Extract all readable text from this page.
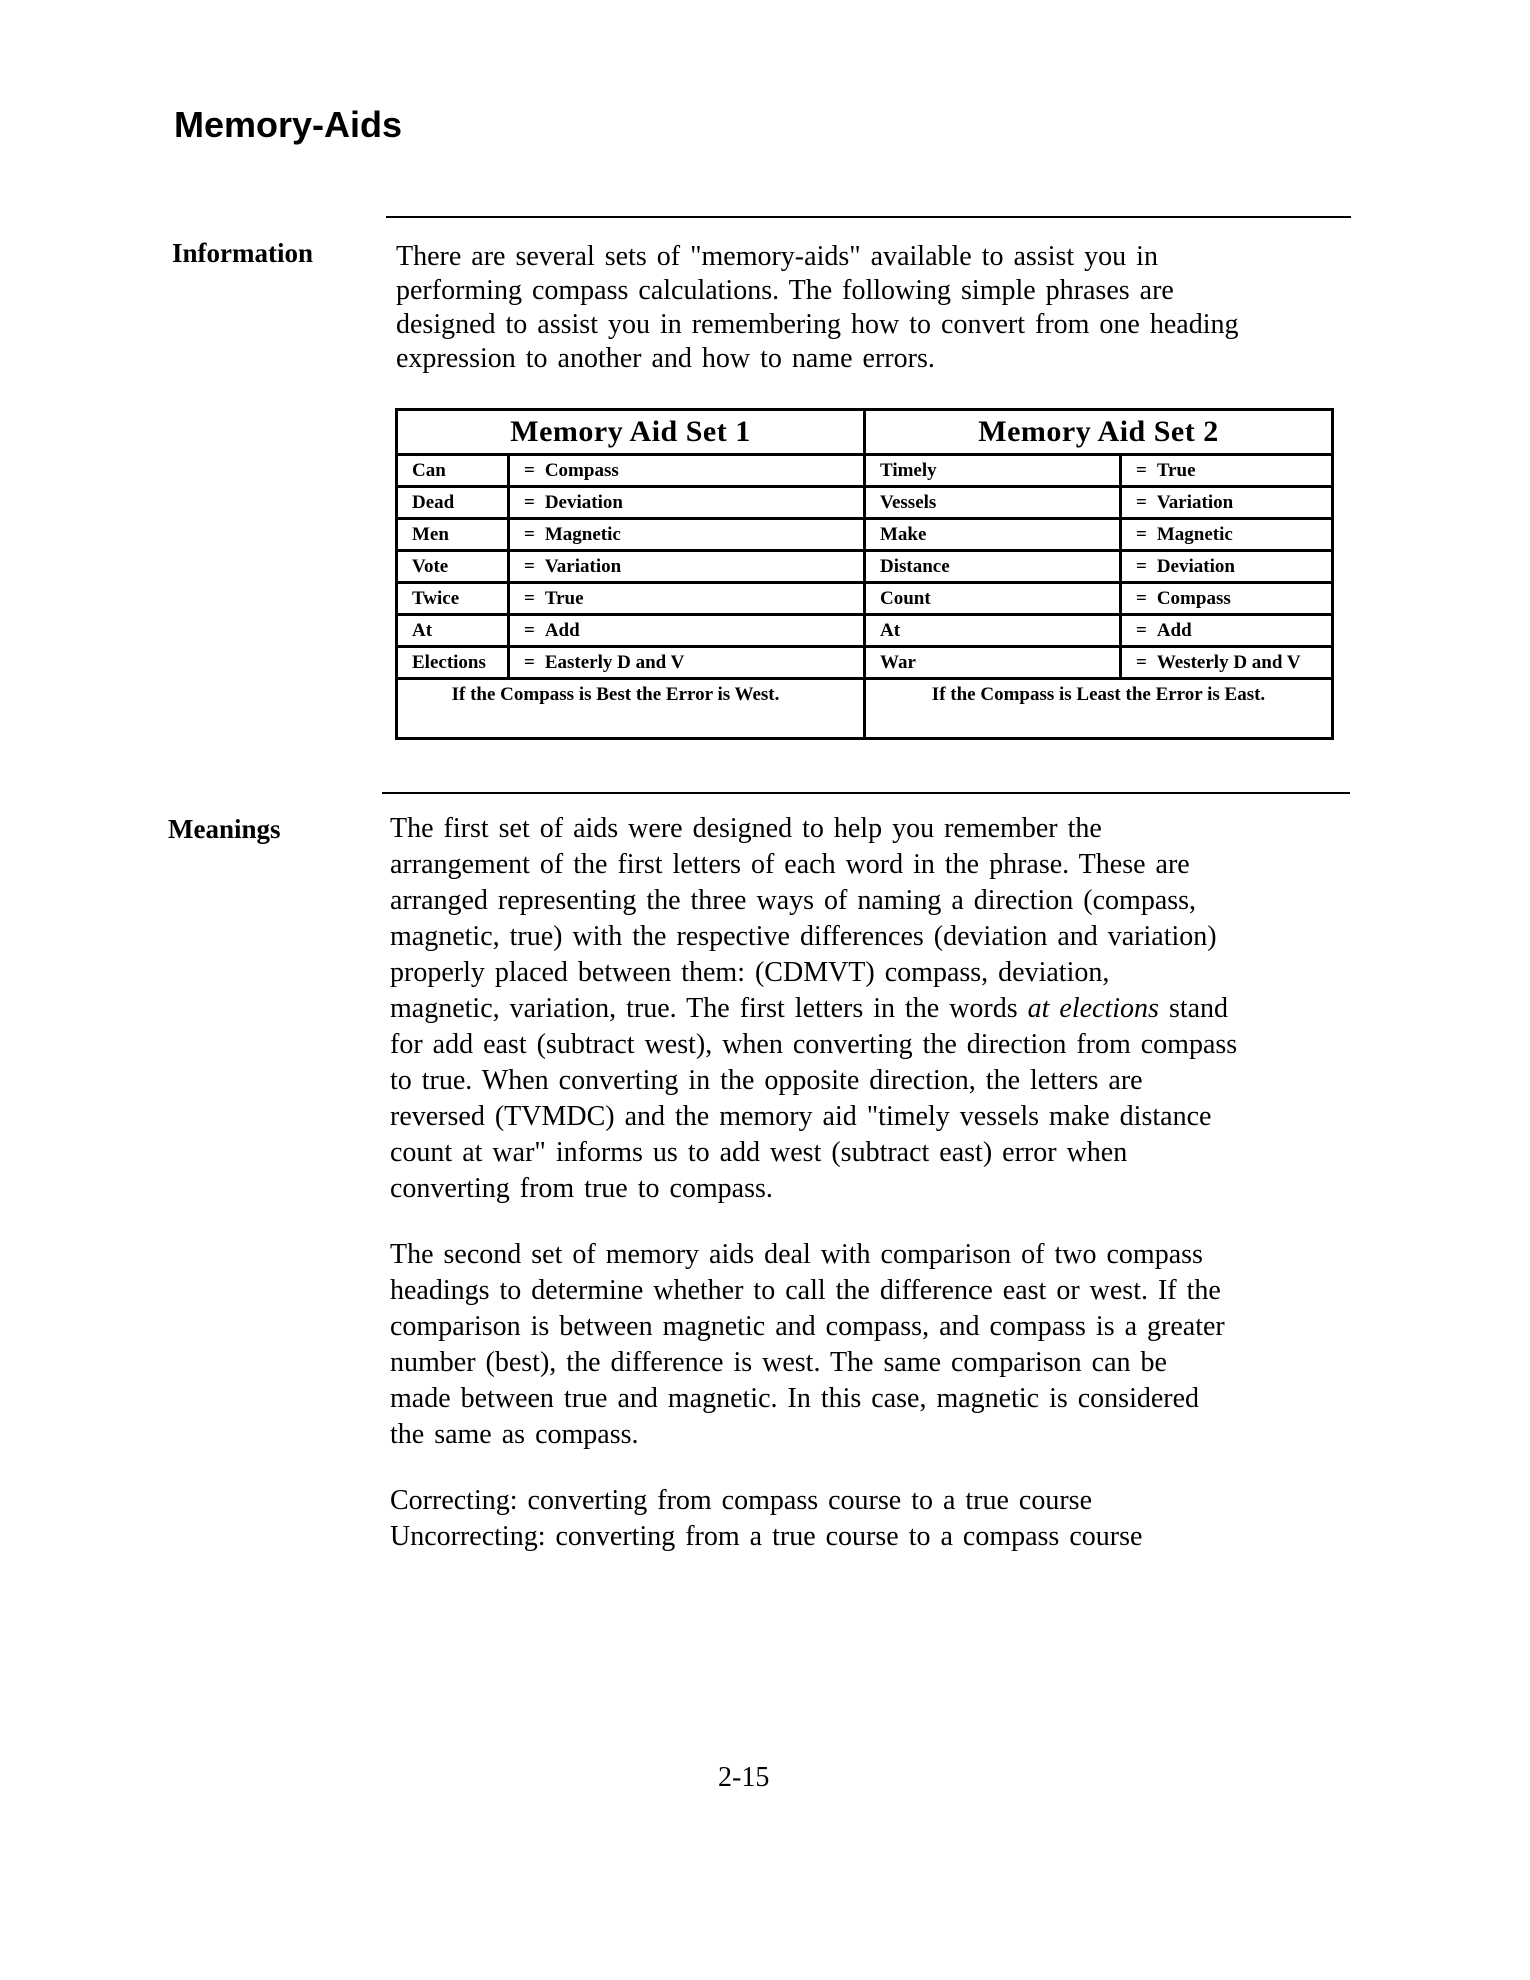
Memory-Aids
Information	There are several sets of "memory-aids" available to assist you in
performing compass calculations. The following simple phrases are
designed to assist you in remembering how to convert from one heading
expression to another and how to name errors.
Memory Aid Set 1
Can	= Compass
Dead	= Deviation
Men	= Magnetic
Vote	= Variation
Twice	= True
At	= Add
Elections	= Easterly D and V
If the Compass is Best the Error is West.
Memory Aid Set 2
Timely	= True
Vessels	= Variation
Make	= Magnetic
Distance	= Deviation
Count	= Compass
At	= Add
War	= Westerly D and V
If the Compass is Least the Error is East.
Meanings	The first set of aids were designed to help you remember the
arrangement of the first letters of each word in the phrase. These are
arranged representing the three ways of naming a direction (compass,
magnetic, true) with the respective differences (deviation and variation)
properly placed between them: (CDMVT) compass, deviation,
magnetic, variation, true. The first letters in the words at elections stand
for add east (subtract west), when converting the direction from compass
to true. When converting in the opposite direction, the letters are
reversed (TVMDC) and the memory aid "timely vessels make distance
count at war" informs us to add west (subtract east) error when
converting from true to compass.
The second set of memory aids deal with comparison of two compass
headings to determine whether to call the difference east or west. If the
comparison is between magnetic and compass, and compass is a greater
number (best), the difference is west. The same comparison can be
made between true and magnetic. In this case, magnetic is considered
the same as compass.
Correcting: converting from compass course to a true course
Uncorrecting: converting from a true course to a compass course
2-15
